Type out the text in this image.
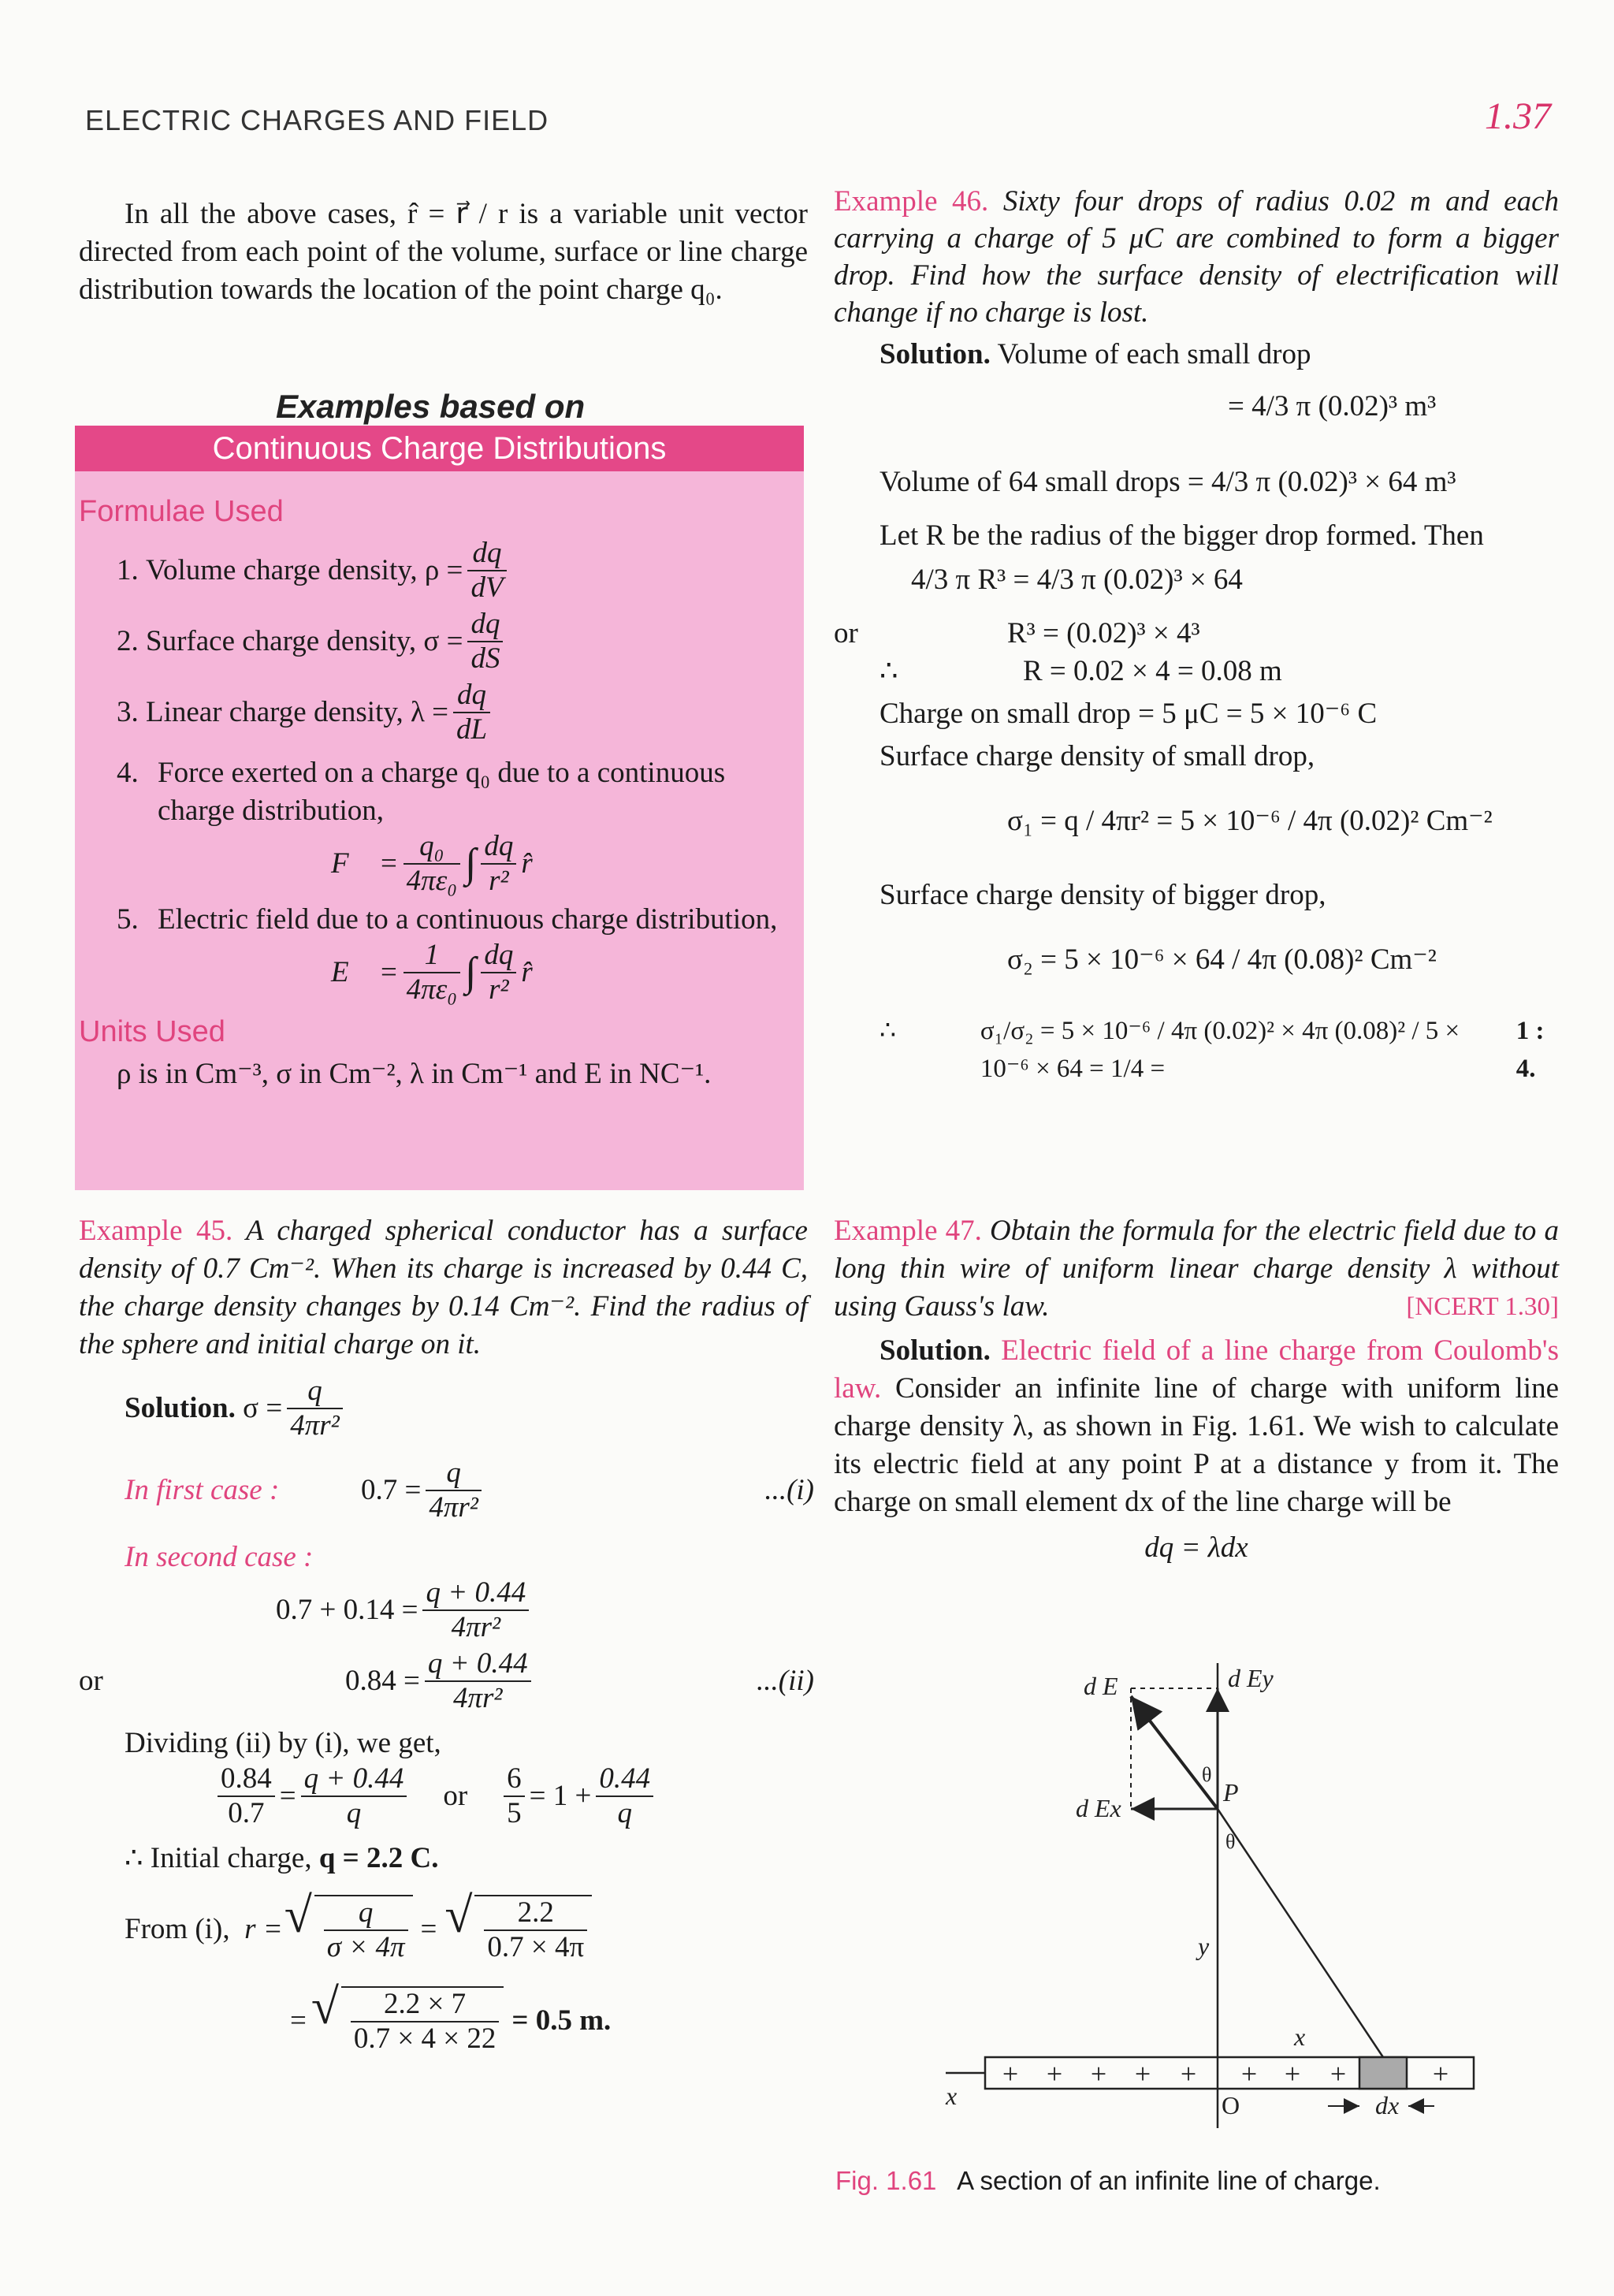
ELECTRIC CHARGES AND FIELD	1.37
In all the above cases, r̂ = r⃗ / r is a variable unit vector directed from each point of the volume, surface or line charge distribution towards the location of the point charge q₀.
Examples based on
Continuous Charge Distributions
Formulae Used
1.
Volume charge density,
$\rho = \frac{dq}{dV}$
2.
Surface charge density,
$\sigma = \frac{dq}{dS}$
3.
Linear charge density,
$\lambda = \frac{dq}{dL}$
4. Force exerted on a charge q₀ due to a continuous charge distribution,
F⃗ = $\frac{\text{q₀}}{\text{4πε₀}}$ ∫ $\frac{dq}{\text{r²}}$ r̂
5. Electric field due to a continuous charge distribution,
E⃗ = $\frac{1}{\text{4πε₀}}$ ∫ $\frac{dq}{\text{r²}}$ r̂
Units Used
ρ is in Cm⁻³, σ in Cm⁻², λ in Cm⁻¹ and E in NC⁻¹.
Example 45. A charged spherical conductor has a surface density of 0.7 Cm⁻². When its charge is increased by 0.44 C, the charge density changes by 0.14 Cm⁻². Find the radius of the sphere and initial charge on it.
Solution.
$\sigma = \frac{q}{\text{4πr²}}$
In first case :	$0.7 = \frac{q}{\text{4πr²}}$	...(i)
In second case :
$0.7 + 0.14 = \frac{q + 0.44}{\text{4πr²}}$
or	$0.84 = \frac{q + 0.44}{\text{4πr²}}$	...(ii)
Dividing (ii) by (i), we get,
$\frac{0.84}{0.7} = \frac{q + 0.44}{q}$ or $\frac{6}{5} = 1 + \frac{0.44}{q}$
∴ Initial charge, q = 2.2 C.
From (i),
r = √ $\frac{q}{\sigma \times 4\pi}$ = √ $\frac{2.2}{0.7 \times 4\pi}$
= √ $\frac{2.2 \times 7}{0.7 \times 4 \times 22} = 0.5$ m.
Example 46. Sixty four drops of radius 0.02 m and each carrying a charge of 5 μC are combined to form a bigger drop. Find how the surface density of electrification will change if no charge is lost.
Solution. Volume of each small drop
= 4/3 π (0.02)³ m³
Volume of 64 small drops = 4/3 π (0.02)³ × 64 m³
Let R be the radius of the bigger drop formed. Then
4/3 π R³ = 4/3 π (0.02)³ × 64
or	R³ = (0.02)³ × 4³
∴	R = 0.02 × 4 = 0.08 m
Charge on small drop = 5 μC = 5 × 10⁻⁶ C
Surface charge density of small drop,
σ₁ = q / 4πr² = 5 × 10⁻⁶ / 4π (0.02)² Cm⁻²
Surface charge density of bigger drop,
σ₂ = 5 × 10⁻⁶ × 64 / 4π (0.08)² Cm⁻²
∴	σ₁/σ₂ = 5 × 10⁻⁶ / 4π (0.02)² × 4π (0.08)² / 5 × 10⁻⁶ × 64 = 1/4 =

1 : 4.
Example 47. Obtain the formula for the electric field due to a long thin wire of uniform linear charge density λ without using Gauss's law.	[NCERT 1.30]
Solution. Electric field of a line charge from Coulomb's law. Consider an infinite line of charge with uniform line charge density λ, as shown in Fig. 1.61. We wish to calculate its electric field at any point P at a distance y from it. The charge on small element dx of the line charge will be
dq = λdx
+ + + + + + + +	+
d E	d Ey
d Ex
θ
P
θ
y
x
O	dx
x
Fig. 1.61 A section of an infinite line of charge.
